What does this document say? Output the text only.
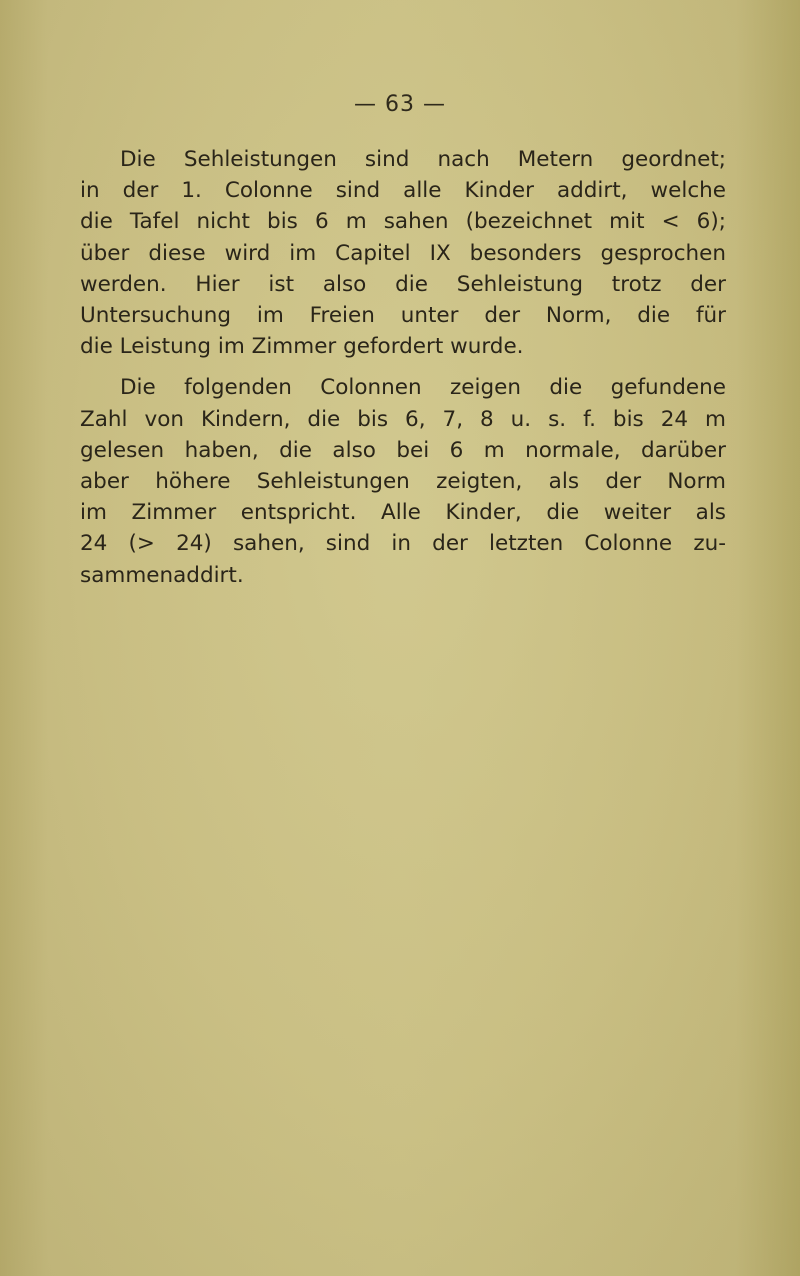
— 63 —

Die Sehleistungen sind nach Metern geordnet;
in der 1. Colonne sind alle Kinder addirt, welche
die Tafel nicht bis 6 m sahen (bezeichnet mit < 6);
über diese wird im Capitel IX besonders gesprochen
werden. Hier ist also die Sehleistung trotz der
Untersuchung im Freien unter der Norm, die für
die Leistung im Zimmer gefordert wurde.

Die folgenden Colonnen zeigen die gefundene
Zahl von Kindern, die bis 6, 7, 8 u. s. f. bis 24 m
gelesen haben, die also bei 6 m normale, darüber
aber höhere Sehleistungen zeigten, als der Norm
im Zimmer entspricht. Alle Kinder, die weiter als
24 (> 24) sahen, sind in der letzten Colonne zu-
sammenaddirt.
